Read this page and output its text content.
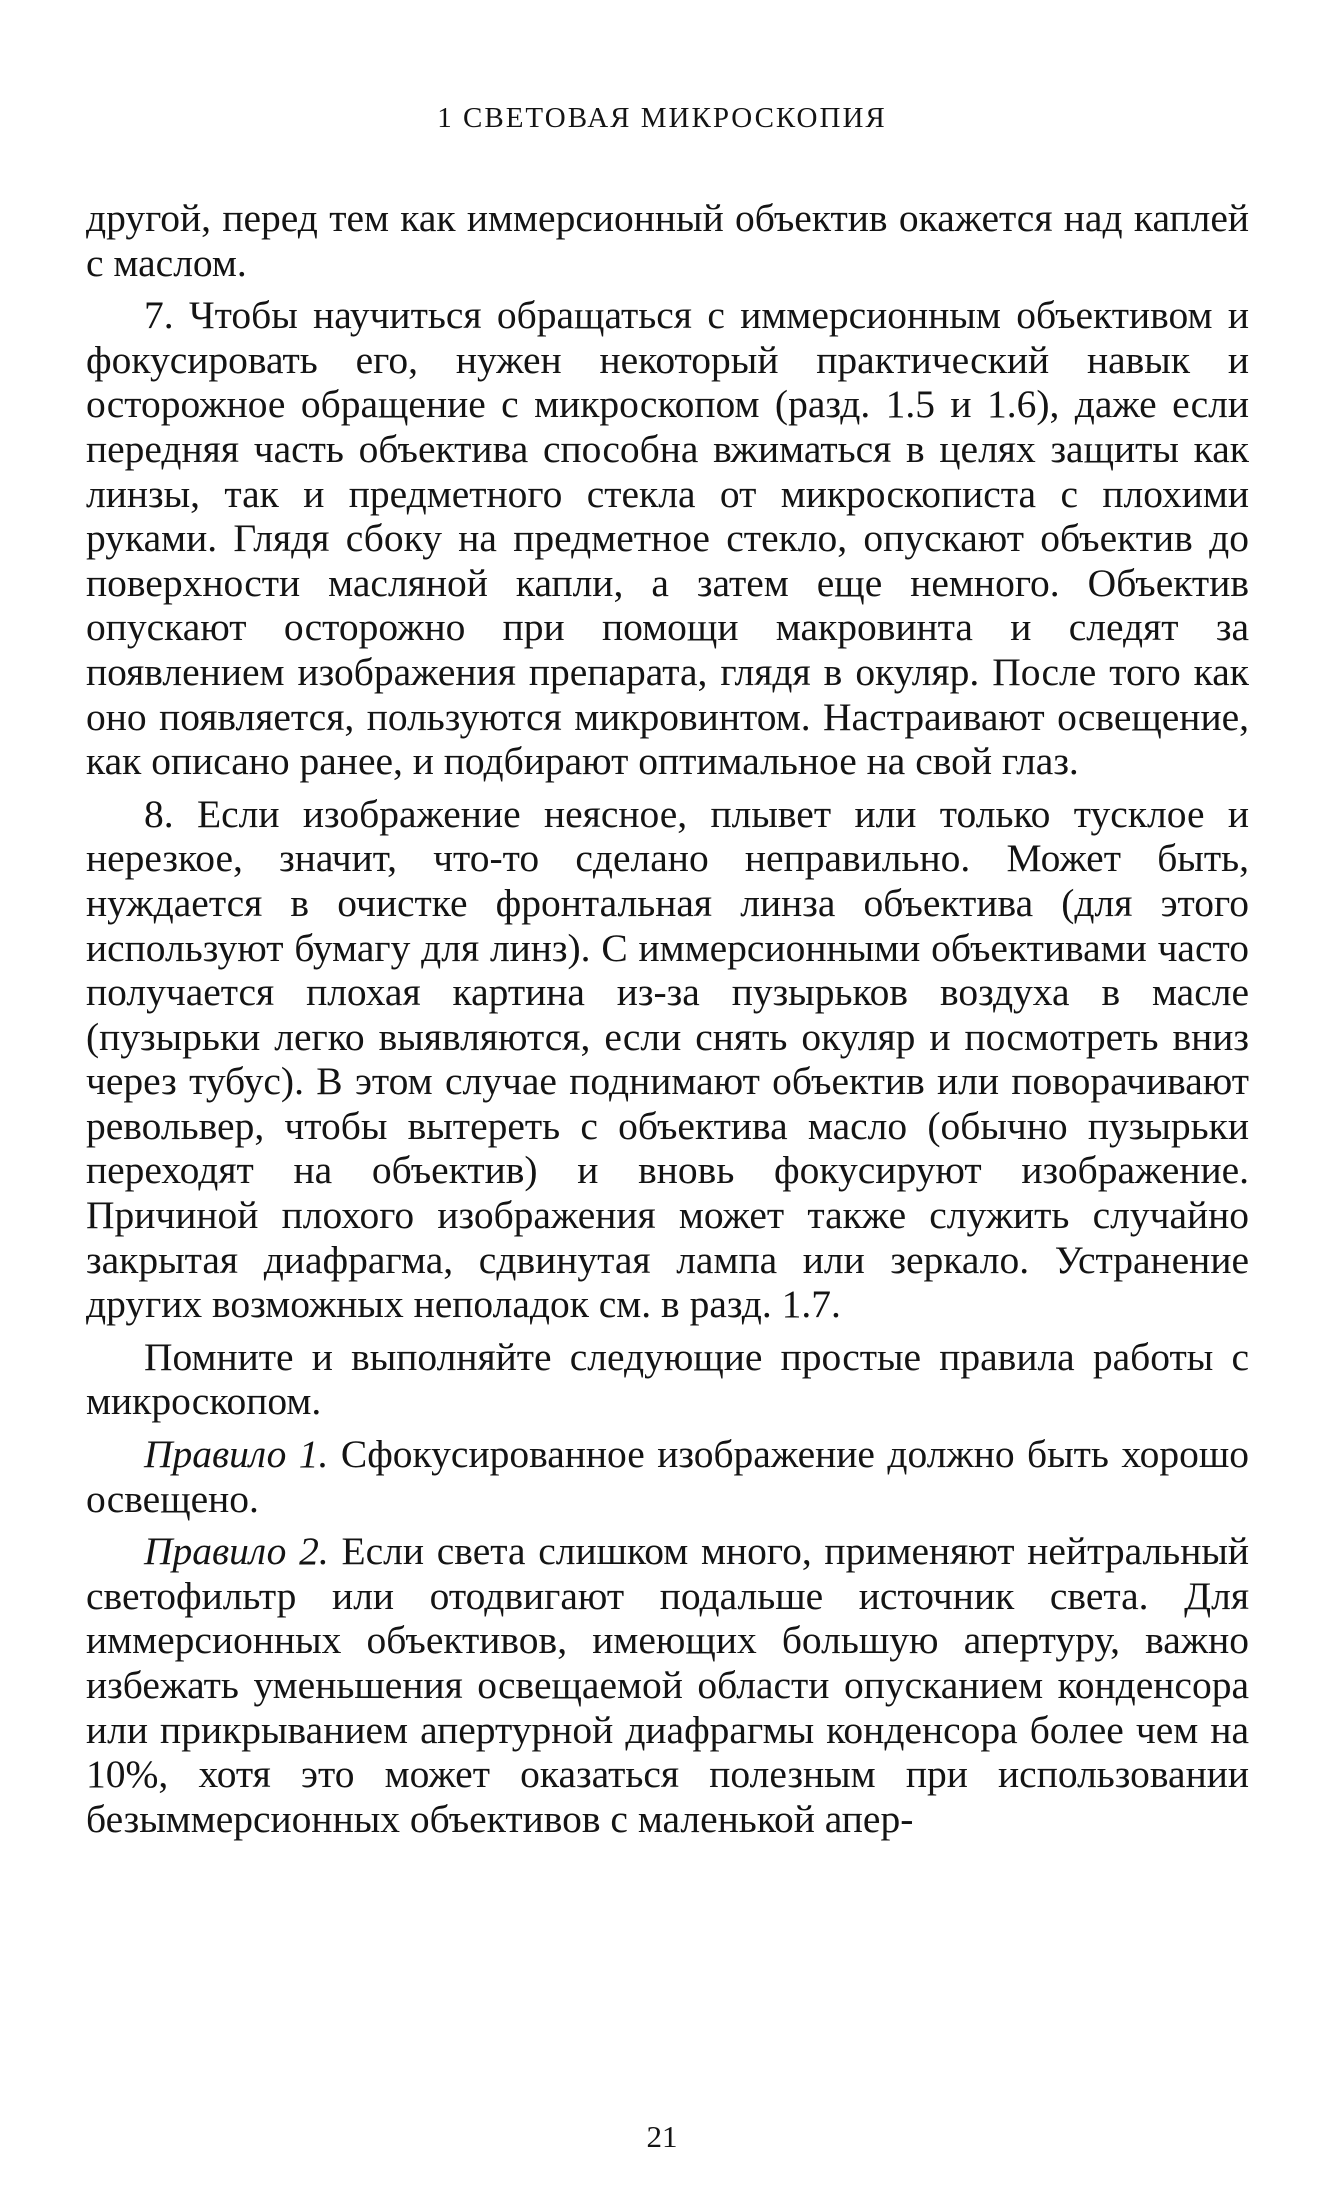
1 СВЕТОВАЯ МИКРОСКОПИЯ

другой, перед тем как иммерсионный объектив окажется над каплей с маслом.

7. Чтобы научиться обращаться с иммерсионным объективом и фокусировать его, нужен некоторый практический навык и осторожное обращение с микроскопом (разд. 1.5 и 1.6), даже если передняя часть объектива способна вжиматься в целях защиты как линзы, так и предметного стекла от микроскописта с плохими руками. Глядя сбоку на предметное стекло, опускают объектив до поверхности масляной капли, а затем еще немного. Объектив опускают осторожно при помощи макровинта и следят за появлением изображения препарата, глядя в окуляр. После того как оно появляется, пользуются микровинтом. Настраивают освещение, как описано ранее, и подбирают оптимальное на свой глаз.

8. Если изображение неясное, плывет или только тусклое и нерезкое, значит, что-то сделано неправильно. Может быть, нуждается в очистке фронтальная линза объектива (для этого используют бумагу для линз). С иммерсионными объективами часто получается плохая картина из-за пузырьков воздуха в масле (пузырьки легко выявляются, если снять окуляр и посмотреть вниз через тубус). В этом случае поднимают объектив или поворачивают револьвер, чтобы вытереть с объектива масло (обычно пузырьки переходят на объектив) и вновь фокусируют изображение. Причиной плохого изображения может также служить случайно закрытая диафрагма, сдвинутая лампа или зеркало. Устранение других возможных неполадок см. в разд. 1.7.

Помните и выполняйте следующие простые правила работы с микроскопом.

Правило 1. Сфокусированное изображение должно быть хорошо освещено.

Правило 2. Если света слишком много, применяют нейтральный светофильтр или отодвигают подальше источник света. Для иммерсионных объективов, имеющих большую апертуру, важно избежать уменьшения освещаемой области опусканием конденсора или прикрыванием апертурной диафрагмы конденсора более чем на 10%, хотя это может оказаться полезным при использовании безыммерсионных объективов с маленькой апер-

21
